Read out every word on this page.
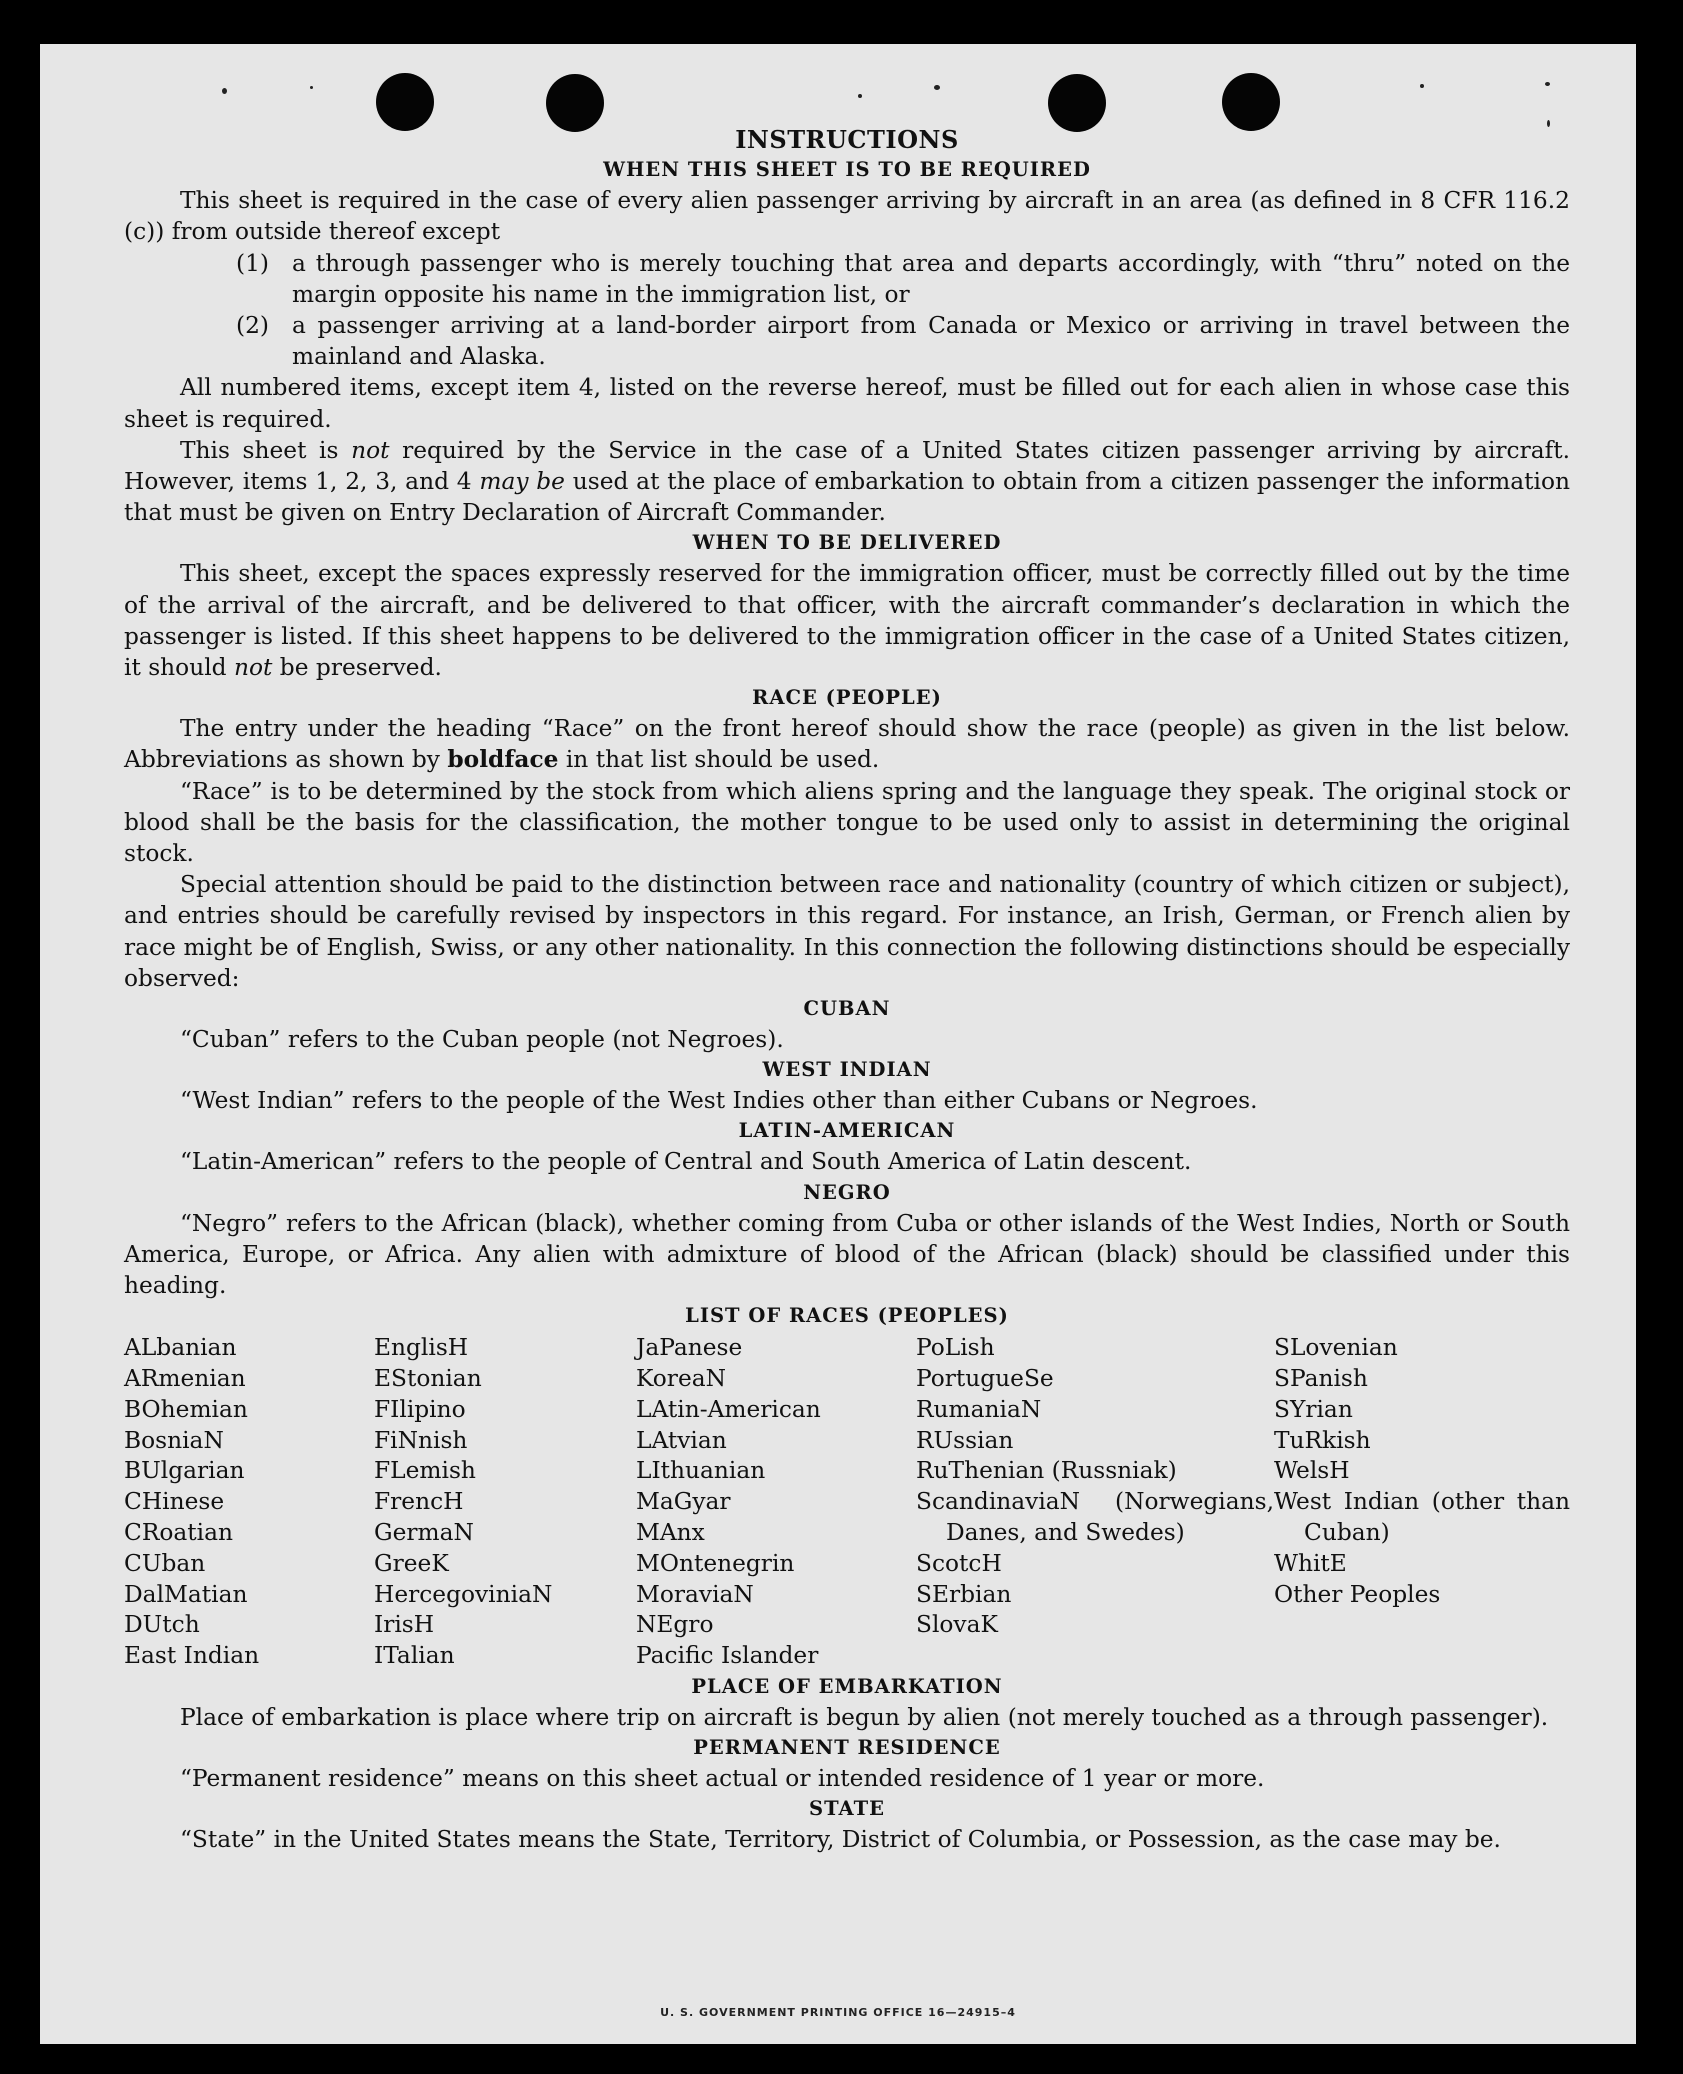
INSTRUCTIONS
WHEN THIS SHEET IS TO BE REQUIRED

This sheet is required in the case of every alien passenger arriving by aircraft in an area (as defined in 8 CFR 116.2 (c)) from outside thereof except

(1) a through passenger who is merely touching that area and departs accordingly, with “thru” noted on the margin opposite his name in the immigration list, or
(2) a passenger arriving at a land-border airport from Canada or Mexico or arriving in travel between the mainland and Alaska.

All numbered items, except item 4, listed on the reverse hereof, must be filled out for each alien in whose case this sheet is required.

This sheet is not required by the Service in the case of a United States citizen passenger arriving by aircraft. However, items 1, 2, 3, and 4 may be used at the place of embarkation to obtain from a citizen passenger the information that must be given on Entry Declaration of Aircraft Commander.

WHEN TO BE DELIVERED

This sheet, except the spaces expressly reserved for the immigration officer, must be correctly filled out by the time of the arrival of the aircraft, and be delivered to that officer, with the aircraft commander’s declaration in which the passenger is listed. If this sheet happens to be delivered to the immigration officer in the case of a United States citizen, it should not be preserved.

RACE (PEOPLE)

The entry under the heading “Race” on the front hereof should show the race (people) as given in the list below. Abbreviations as shown by boldface in that list should be used.

“Race” is to be determined by the stock from which aliens spring and the language they speak. The original stock or blood shall be the basis for the classification, the mother tongue to be used only to assist in determining the original stock.

Special attention should be paid to the distinction between race and nationality (country of which citizen or subject), and entries should be carefully revised by inspectors in this regard. For instance, an Irish, German, or French alien by race might be of English, Swiss, or any other nationality. In this connection the following distinctions should be especially observed:

CUBAN

“Cuban” refers to the Cuban people (not Negroes).

WEST INDIAN

“West Indian” refers to the people of the West Indies other than either Cubans or Negroes.

LATIN-AMERICAN

“Latin-American” refers to the people of Central and South America of Latin descent.

NEGRO

“Negro” refers to the African (black), whether coming from Cuba or other islands of the West Indies, North or South America, Europe, or Africa. Any alien with admixture of blood of the African (black) should be classified under this heading.

LIST OF RACES (PEOPLES)
ALbanian
ARmenian
BOhemian
BosniaN
BUlgarian
CHinese
CRoatian
CUban
DalMatian
DUtch
East Indian
EnglisH
EStonian
FIlipino
FiNnish
FLemish
FrencH
GermaN
GreeK
HercegoviniaN
IrisH
ITalian
JaPanese
KoreaN
LAtin-American
LAtvian
LIthuanian
MaGyar
MAnx
MOntenegrin
MoraviaN
NEgro
Pacific Islander
PoLish
PortugueSe
RumaniaN
RUssian
RuThenian (Russniak)
ScandinaviaN (Norwegians, Danes, and Swedes)
ScotcH
SErbian
SlovaK
SLovenian
SPanish
SYrian
TuRkish
WelsH
West Indian (other than Cuban)
WhitE
Other Peoples
PLACE OF EMBARKATION

Place of embarkation is place where trip on aircraft is begun by alien (not merely touched as a through passenger).

PERMANENT RESIDENCE

“Permanent residence” means on this sheet actual or intended residence of 1 year or more.

STATE

“State” in the United States means the State, Territory, District of Columbia, or Possession, as the case may be.

U. S. GOVERNMENT PRINTING OFFICE 16—24915–4
